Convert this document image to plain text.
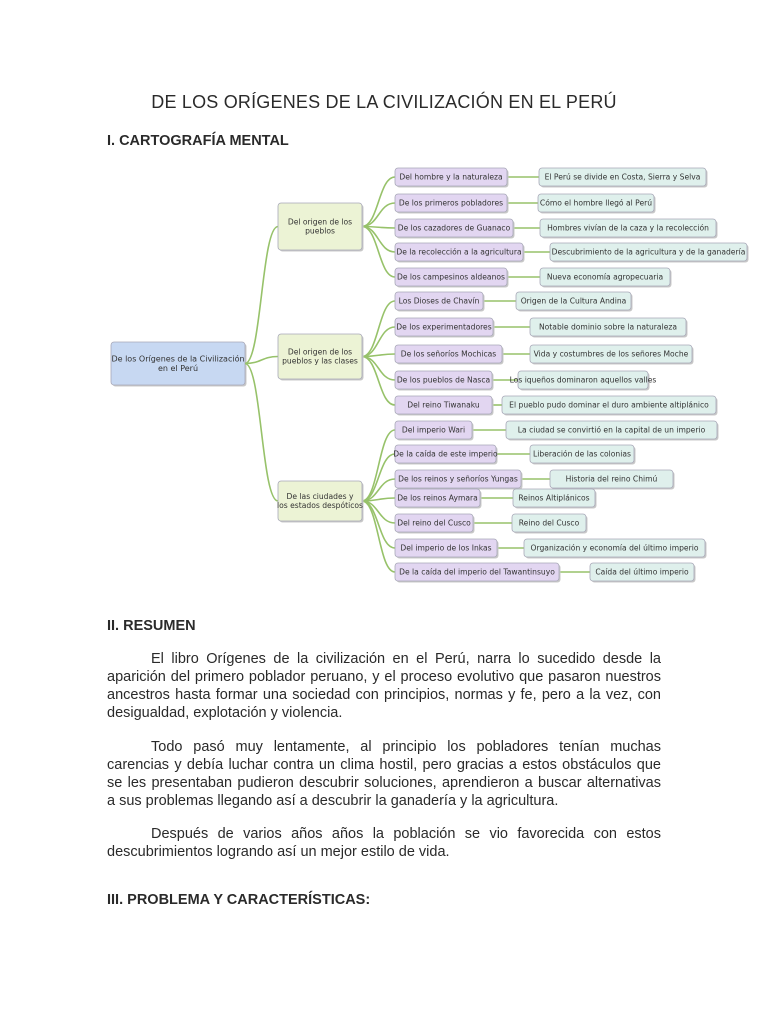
DE LOS ORÍGENES DE LA CIVILIZACIÓN EN EL PERÚ
I. CARTOGRAFÍA MENTAL
De los Orígenes de la Civilización
en el Perú
Del hombre y la naturaleza	El Perú se divide en Costa, Sierra y Selva
De los primeros pobladores	Cómo el hombre llegó al Perú
De los cazadores de Guanaco	Hombres vivían de la caza y la recolección
De la recolección a la agricultura	Descubrimiento de la agricultura y de la ganadería
De los campesinos aldeanos	Nueva economía agropecuaria
Del origen de los
pueblos
Los Dioses de Chavín	Origen de la Cultura Andina
De los experimentadores	Notable dominio sobre la naturaleza
De los señoríos Mochicas	Vida y costumbres de los señores Moche
De los pueblos de Nasca	Los iqueños dominaron aquellos valles
Del reino Tiwanaku	El pueblo pudo dominar el duro ambiente altiplánico
Del origen de los
pueblos y las clases
Del imperio Wari	La ciudad se convirtió en la capital de un imperio
De la caída de este imperio	Liberación de las colonias
De los reinos y señoríos Yungas	Historia del reino Chimú
De los reinos Aymara	Reinos Altiplánicos
Del reino del Cusco	Reino del Cusco
Del imperio de los Inkas	Organización y economía del último imperio
De la caída del imperio del Tawantinsuyo	Caída del último imperio
De las ciudades y
los estados despóticos
II. RESUMEN

El libro Orígenes de la civilización en el Perú, narra lo sucedido desde la aparición del primero poblador peruano, y el proceso evolutivo que pasaron nuestros ancestros hasta formar una sociedad con principios, normas y fe, pero a la vez, con desigualdad, explotación y violencia.

Todo pasó muy lentamente, al principio los pobladores tenían muchas carencias y debía luchar contra un clima hostil, pero gracias a estos obstáculos que se les presentaban pudieron descubrir soluciones, aprendieron a buscar alternativas a sus problemas llegando así a descubrir la ganadería y la agricultura.

Después de varios años años la población se vio favorecida con estos descubrimientos logrando así un mejor estilo de vida.

III. PROBLEMA Y CARACTERÍSTICAS:
